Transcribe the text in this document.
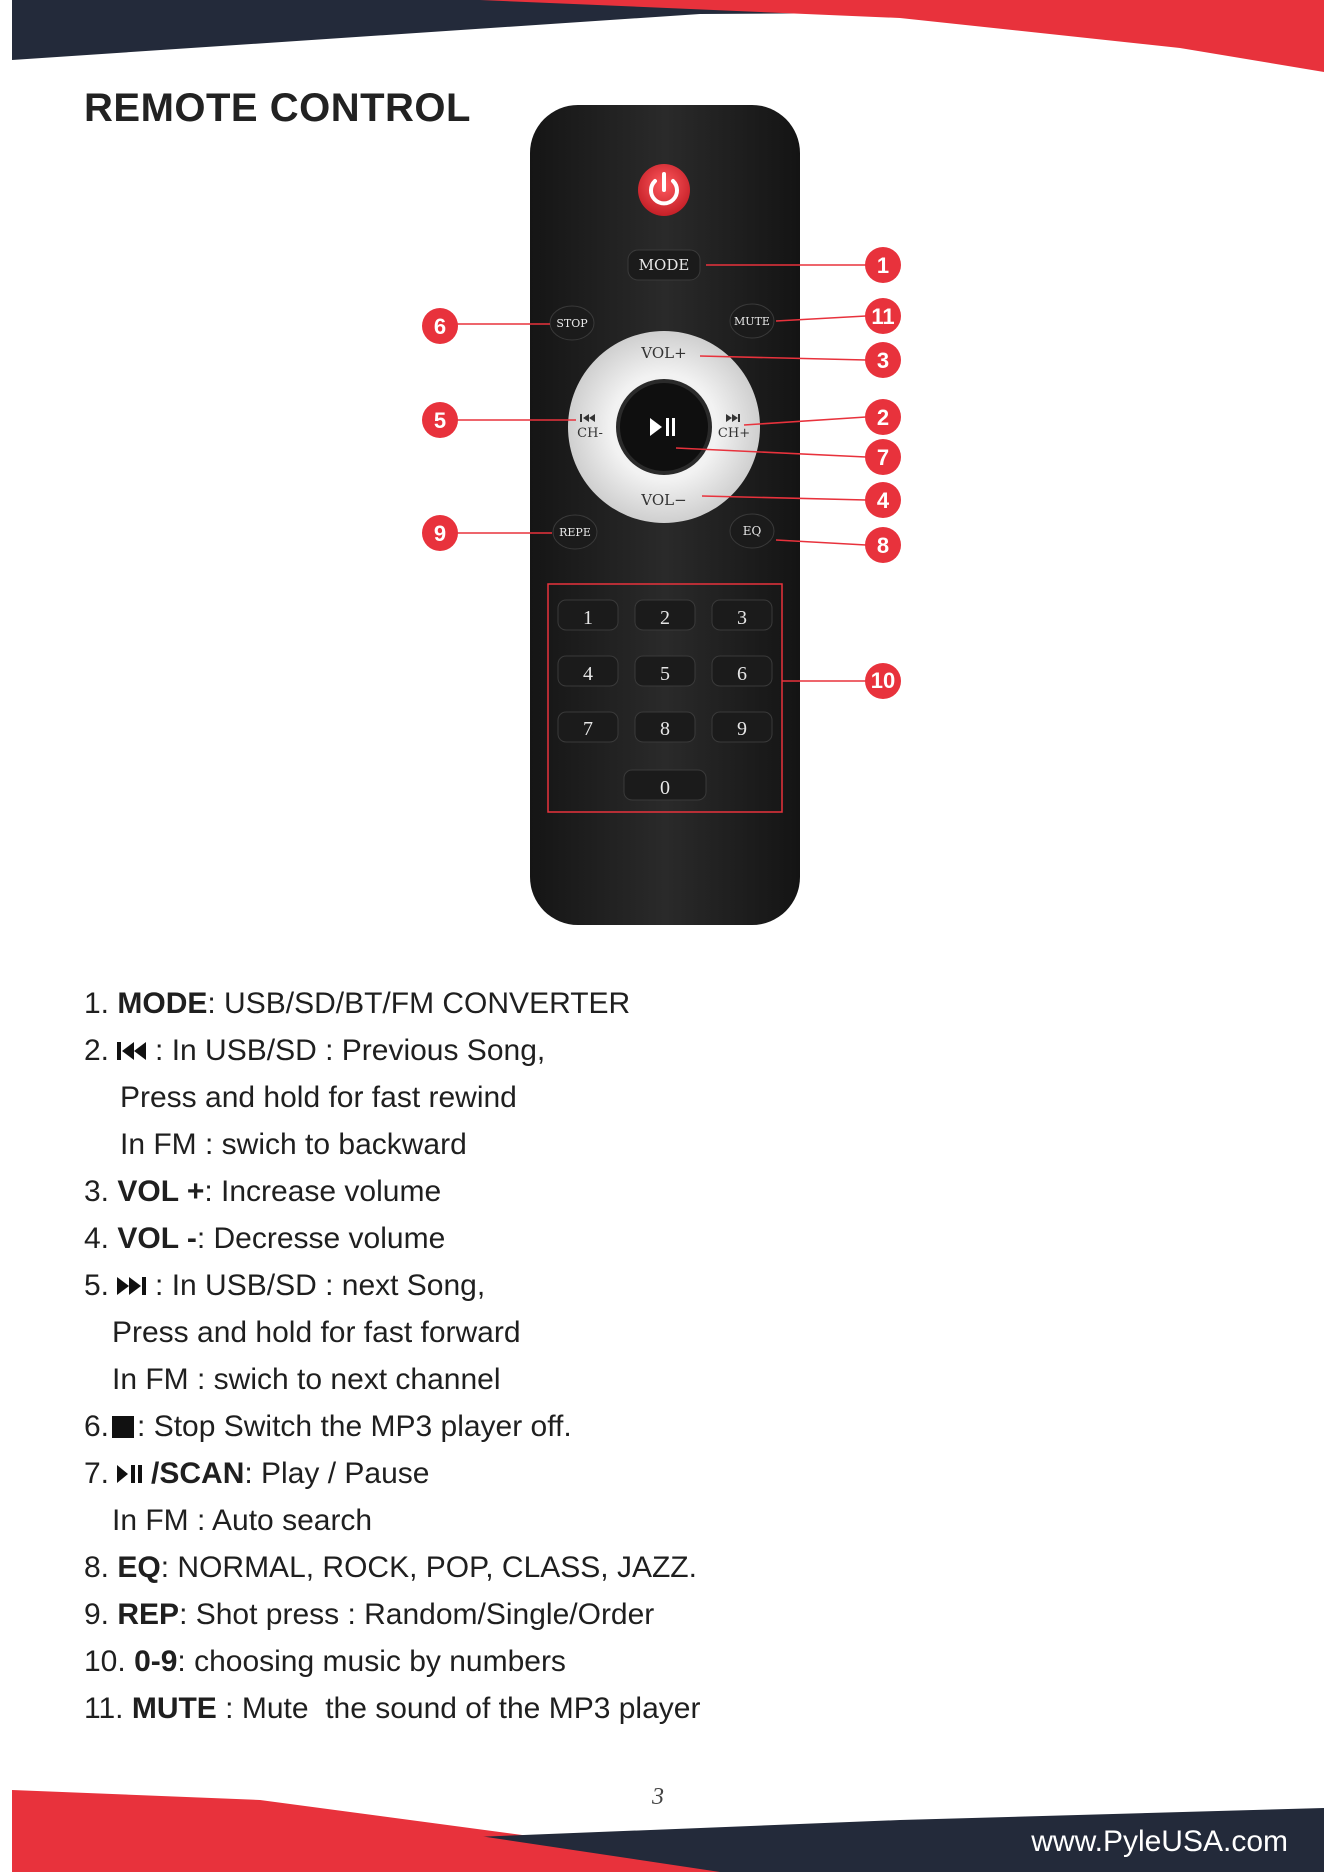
REMOTE CONTROL
MODE
STOP	MUTE
VOL+
VOL−
CH-	CH+
REPE	EQ
1	2	3
4	5	6
7	8	9
0
1
11
3
2
7
4
8
6
5
9
10
1.
MODE : USB/SD/BT/FM CONVERTER
2. : In USB/SD : Previous Song,
Press and hold for fast rewind
In FM : swich to backward
3.
VOL + : Increase volume
4.
VOL - : Decresse volume
5. : In USB/SD : next Song,
Press and hold for fast forward
In FM : swich to next channel
6. : Stop Switch the MP3 player off.
7. /SCAN : Play / Pause
In FM : Auto search
8.
EQ : NORMAL, ROCK, POP, CLASS, JAZZ.
9.
REP : Shot press : Random/Single/Order
10.
0-9 : choosing music by numbers
11.
MUTE : Mute  the sound of the MP3 player
3
www.PyleUSA.com
